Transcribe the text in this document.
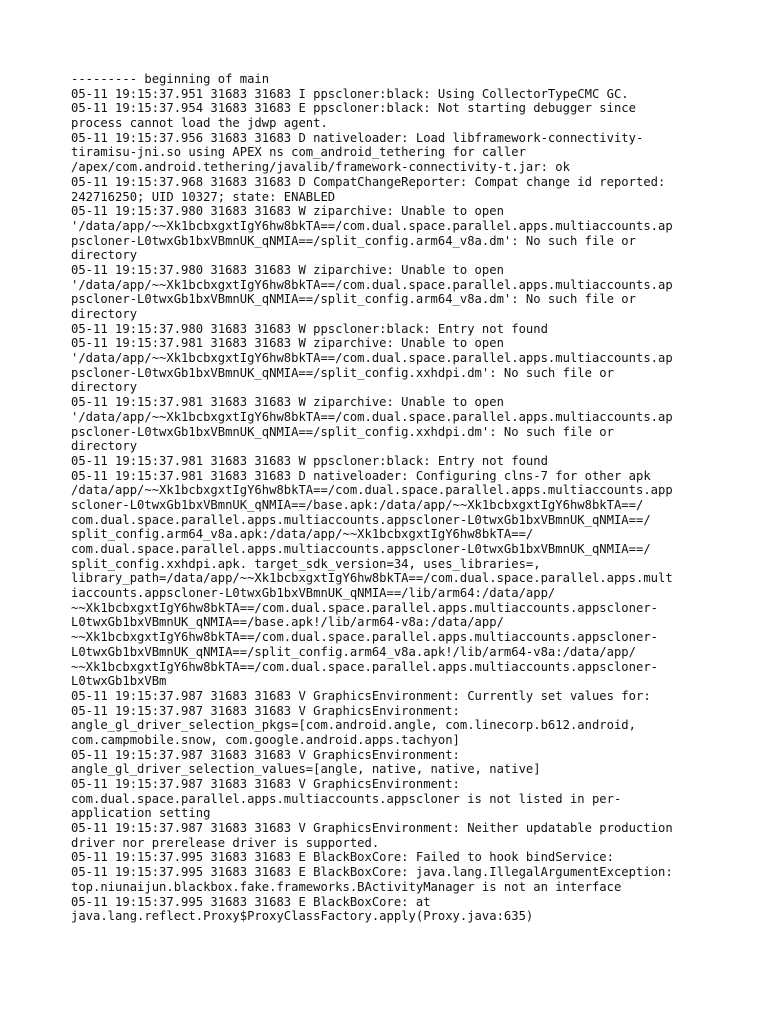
--------- beginning of main
05-11 19:15:37.951 31683 31683 I ppscloner:black: Using CollectorTypeCMC GC.
05-11 19:15:37.954 31683 31683 E ppscloner:black: Not starting debugger since
process cannot load the jdwp agent.
05-11 19:15:37.956 31683 31683 D nativeloader: Load libframework-connectivity-
tiramisu-jni.so using APEX ns com_android_tethering for caller
/apex/com.android.tethering/javalib/framework-connectivity-t.jar: ok
05-11 19:15:37.968 31683 31683 D CompatChangeReporter: Compat change id reported:
242716250; UID 10327; state: ENABLED
05-11 19:15:37.980 31683 31683 W ziparchive: Unable to open
'/data/app/~~Xk1bcbxgxtIgY6hw8bkTA==/com.dual.space.parallel.apps.multiaccounts.ap
pscloner-L0twxGb1bxVBmnUK_qNMIA==/split_config.arm64_v8a.dm': No such file or
directory
05-11 19:15:37.980 31683 31683 W ziparchive: Unable to open
'/data/app/~~Xk1bcbxgxtIgY6hw8bkTA==/com.dual.space.parallel.apps.multiaccounts.ap
pscloner-L0twxGb1bxVBmnUK_qNMIA==/split_config.arm64_v8a.dm': No such file or
directory
05-11 19:15:37.980 31683 31683 W ppscloner:black: Entry not found
05-11 19:15:37.981 31683 31683 W ziparchive: Unable to open
'/data/app/~~Xk1bcbxgxtIgY6hw8bkTA==/com.dual.space.parallel.apps.multiaccounts.ap
pscloner-L0twxGb1bxVBmnUK_qNMIA==/split_config.xxhdpi.dm': No such file or
directory
05-11 19:15:37.981 31683 31683 W ziparchive: Unable to open
'/data/app/~~Xk1bcbxgxtIgY6hw8bkTA==/com.dual.space.parallel.apps.multiaccounts.ap
pscloner-L0twxGb1bxVBmnUK_qNMIA==/split_config.xxhdpi.dm': No such file or
directory
05-11 19:15:37.981 31683 31683 W ppscloner:black: Entry not found
05-11 19:15:37.981 31683 31683 D nativeloader: Configuring clns-7 for other apk
/data/app/~~Xk1bcbxgxtIgY6hw8bkTA==/com.dual.space.parallel.apps.multiaccounts.app
scloner-L0twxGb1bxVBmnUK_qNMIA==/base.apk:/data/app/~~Xk1bcbxgxtIgY6hw8bkTA==/
com.dual.space.parallel.apps.multiaccounts.appscloner-L0twxGb1bxVBmnUK_qNMIA==/
split_config.arm64_v8a.apk:/data/app/~~Xk1bcbxgxtIgY6hw8bkTA==/
com.dual.space.parallel.apps.multiaccounts.appscloner-L0twxGb1bxVBmnUK_qNMIA==/
split_config.xxhdpi.apk. target_sdk_version=34, uses_libraries=,
library_path=/data/app/~~Xk1bcbxgxtIgY6hw8bkTA==/com.dual.space.parallel.apps.mult
iaccounts.appscloner-L0twxGb1bxVBmnUK_qNMIA==/lib/arm64:/data/app/
~~Xk1bcbxgxtIgY6hw8bkTA==/com.dual.space.parallel.apps.multiaccounts.appscloner-
L0twxGb1bxVBmnUK_qNMIA==/base.apk!/lib/arm64-v8a:/data/app/
~~Xk1bcbxgxtIgY6hw8bkTA==/com.dual.space.parallel.apps.multiaccounts.appscloner-
L0twxGb1bxVBmnUK_qNMIA==/split_config.arm64_v8a.apk!/lib/arm64-v8a:/data/app/
~~Xk1bcbxgxtIgY6hw8bkTA==/com.dual.space.parallel.apps.multiaccounts.appscloner-
L0twxGb1bxVBm
05-11 19:15:37.987 31683 31683 V GraphicsEnvironment: Currently set values for:
05-11 19:15:37.987 31683 31683 V GraphicsEnvironment:
angle_gl_driver_selection_pkgs=[com.android.angle, com.linecorp.b612.android,
com.campmobile.snow, com.google.android.apps.tachyon]
05-11 19:15:37.987 31683 31683 V GraphicsEnvironment:
angle_gl_driver_selection_values=[angle, native, native, native]
05-11 19:15:37.987 31683 31683 V GraphicsEnvironment:
com.dual.space.parallel.apps.multiaccounts.appscloner is not listed in per-
application setting
05-11 19:15:37.987 31683 31683 V GraphicsEnvironment: Neither updatable production
driver nor prerelease driver is supported.
05-11 19:15:37.995 31683 31683 E BlackBoxCore: Failed to hook bindService:
05-11 19:15:37.995 31683 31683 E BlackBoxCore: java.lang.IllegalArgumentException:
top.niunaijun.blackbox.fake.frameworks.BActivityManager is not an interface
05-11 19:15:37.995 31683 31683 E BlackBoxCore: at
java.lang.reflect.Proxy$ProxyClassFactory.apply(Proxy.java:635)
